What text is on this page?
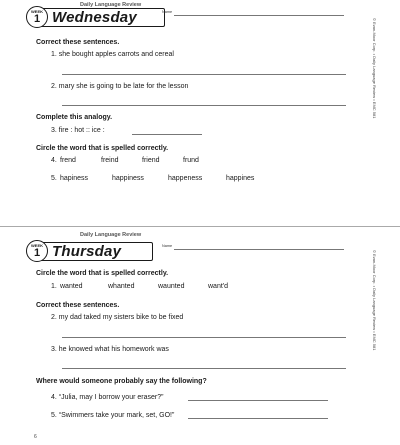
Daily Language Review
WEEK
1 Wednesday	Name
Correct these sentences.
1. she bought apples carrots and cereal
2. mary she is going to be late for the lesson
Complete this analogy.
3. fire : hot :: ice :
Circle the word that is spelled correctly.
4. frend	freind	friend	frund
5. hapiness	happiness	happeness	happines
© Evan-Moor Corp. • Daily Language Review • EMC 581
Daily Language Review
WEEK
1 Thursday	Name
Circle the word that is spelled correctly.
1. wanted	whanted	waunted	want'd
Correct these sentences.
2. my dad taked my sisters bike to be fixed
3. he knowed what his homework was
Where would someone probably say the following?
4. “Julia, may I borrow your eraser?”
5. “Swimmers take your mark, set, GO!”
© Evan-Moor Corp. • Daily Language Review • EMC 581
6
